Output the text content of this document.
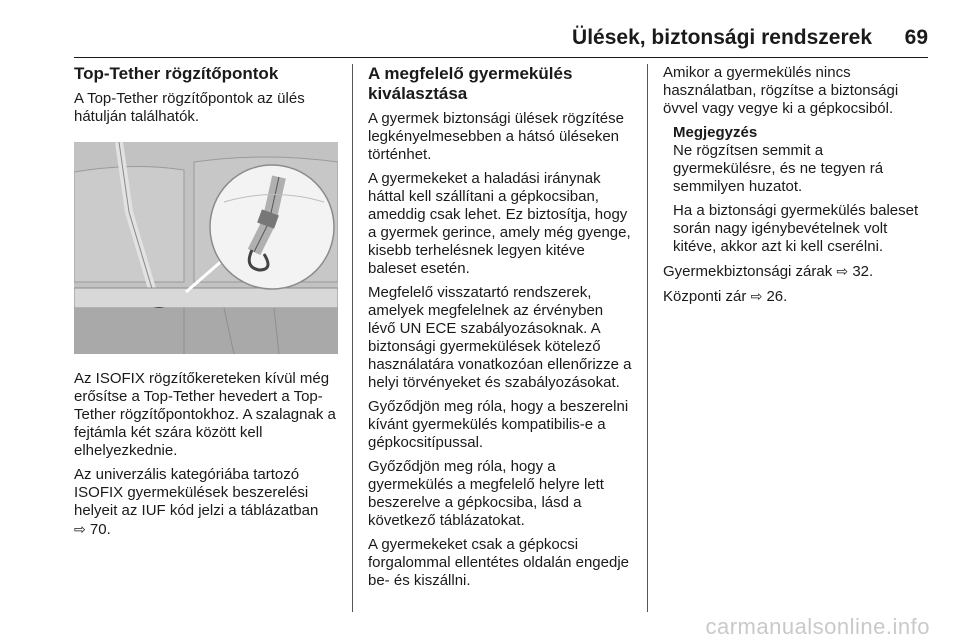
Ülések, biztonsági rendszerek 69
Top-Tether rögzítőpontok

A Top-Tether rögzítőpontok az ülés hátulján találhatók.

Az ISOFIX rögzítőkereteken kívül még erősítse a Top-Tether hevedert a Top-Tether rögzítőpontokhoz. A szalagnak a fejtámla két szára között kell elhelyezkednie.

Az univerzális kategóriába tartozó ISOFIX gyermekülések beszerelési helyeit az IUF kód jelzi a táblázatban
⇨ 70.

A megfelelő gyermekülés kiválasztása

A gyermek biztonsági ülések rögzítése legkényelmesebben a hátsó üléseken történhet.

A gyermekeket a haladási iránynak háttal kell szállítani a gépkocsiban, ameddig csak lehet. Ez biztosítja, hogy a gyermek gerince, amely még gyenge, kisebb terhelésnek legyen kitéve baleset esetén.

Megfelelő visszatartó rendszerek, amelyek megfelelnek az érvényben lévő UN ECE szabályozásoknak. A biztonsági gyermekülések kötelező használatára vonatkozóan ellenőrizze a helyi törvényeket és szabályozásokat.

Győződjön meg róla, hogy a beszerelni kívánt gyermekülés kompatibilis-e a gépkocsitípussal.

Győződjön meg róla, hogy a gyermekülés a megfelelő helyre lett beszerelve a gépkocsiba, lásd a következő táblázatokat.

A gyermekeket csak a gépkocsi forgalommal ellentétes oldalán engedje be- és kiszállni.

Amikor a gyermekülés nincs használatban, rögzítse a biztonsági övvel vagy vegye ki a gépkocsiból.

Megjegyzés

Ne rögzítsen semmit a gyermekülésre, és ne tegyen rá semmilyen huzatot.

Ha a biztonsági gyermekülés baleset során nagy igénybevételnek volt kitéve, akkor azt ki kell cserélni.

Gyermekbiztonsági zárak ⇨ 32.

Központi zár ⇨ 26.

carmanualsonline.info
